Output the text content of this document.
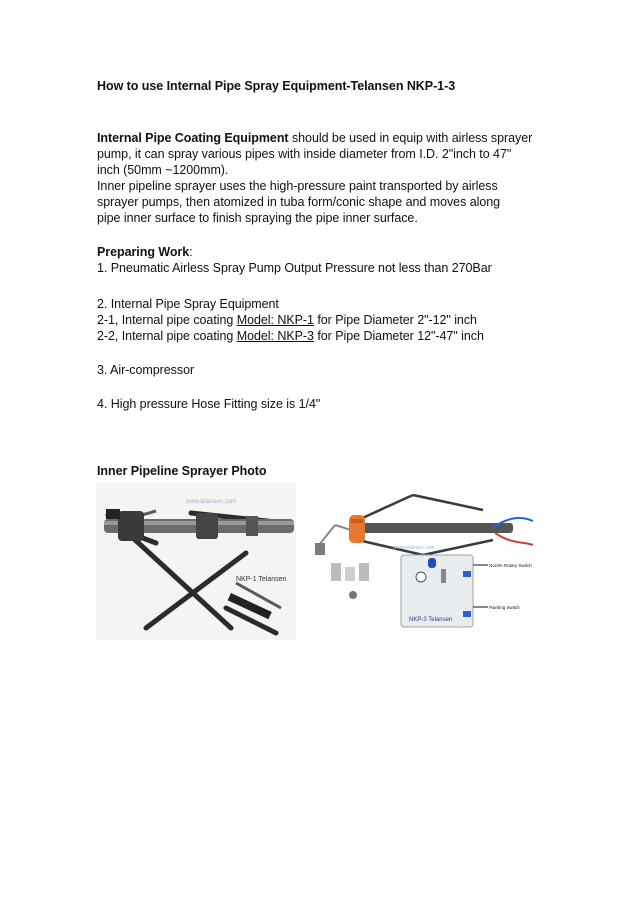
How to use Internal Pipe Spray Equipment-Telansen NKP-1-3
Internal Pipe Coating Equipment should be used in equip with airless sprayer
pump, it can spray various pipes with inside diameter from I.D. 2"inch to 47"
inch (50mm ~1200mm).
Inner pipeline sprayer uses the high-pressure paint transported by airless
sprayer pumps, then atomized in tuba form/conic shape and moves along
pipe inner surface to finish spraying the pipe inner surface.
Preparing Work:
1. Pneumatic Airless Spray Pump Output Pressure not less than 270Bar
2. Internal Pipe Spray Equipment
2-1, Internal pipe coating Model: NKP-1 for Pipe Diameter 2"-12" inch
2-2, Internal pipe coating Model: NKP-3 for Pipe Diameter 12"-47" inch
3. Air-compressor
4. High pressure Hose Fitting size is 1/4"
Inner Pipeline Sprayer Photo
NKP-1 Telansen
www.telansen.com
NKP-3 Telansen
www.telansen.com
Nozzle Rotary Switch
Painting Switch
